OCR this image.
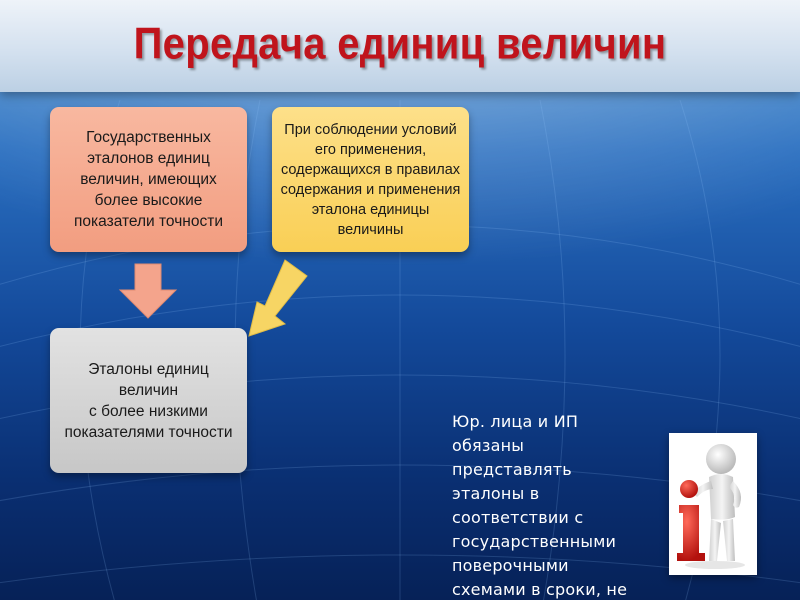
Передача единиц величин
Государственных
эталонов единиц
величин, имеющих
более высокие
показатели точности
При соблюдении условий
его применения,
содержащихся в правилах
содержания и применения
эталона единицы
величины
Эталоны единиц величин
с более низкими
показателями точности
Юр. лица и ИП
обязаны
представлять
эталоны в
соответствии с
государственными
поверочными
схемами в сроки, не
